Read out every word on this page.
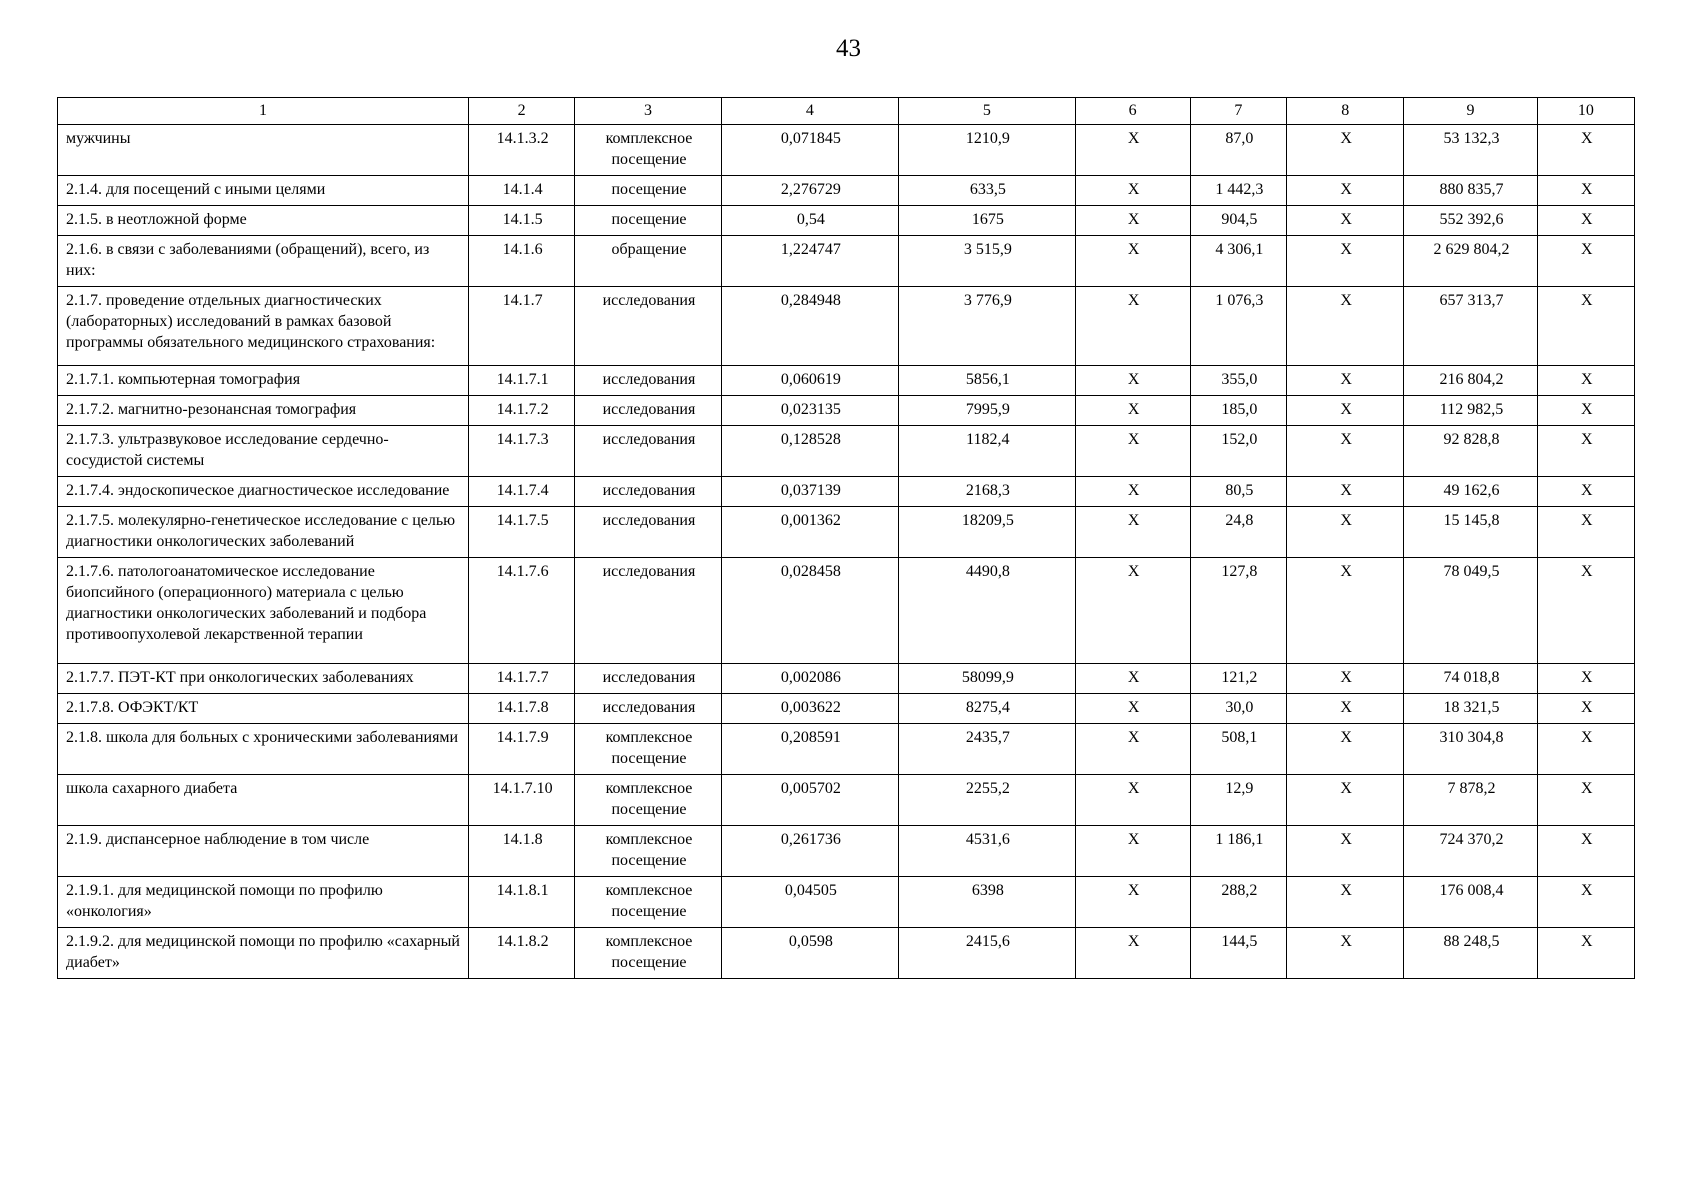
43
1	2	3	4	5	6	7	8	9	10
мужчины	14.1.3.2	комплексное посещение	0,071845	1210,9	Х	87,0	Х	53 132,3	Х
2.1.4. для посещений с иными целями	14.1.4	посещение	2,276729	633,5	Х	1 442,3	Х	880 835,7	Х
2.1.5. в неотложной форме	14.1.5	посещение	0,54	1675	Х	904,5	Х	552 392,6	Х
2.1.6. в связи с заболеваниями (обращений), всего, из них:	14.1.6	обращение	1,224747	3 515,9	Х	4 306,1	Х	2 629 804,2	Х
2.1.7. проведение отдельных диагностических (лабораторных) исследований в рамках базовой программы обязательного медицинского страхования:	14.1.7	исследования	0,284948	3 776,9	Х	1 076,3	Х	657 313,7	Х
2.1.7.1. компьютерная томография	14.1.7.1	исследования	0,060619	5856,1	Х	355,0	Х	216 804,2	Х
2.1.7.2. магнитно-резонансная томография	14.1.7.2	исследования	0,023135	7995,9	Х	185,0	Х	112 982,5	Х
2.1.7.3. ультразвуковое исследование сердечно-сосудистой системы	14.1.7.3	исследования	0,128528	1182,4	Х	152,0	Х	92 828,8	Х
2.1.7.4. эндоскопическое диагностическое исследование	14.1.7.4	исследования	0,037139	2168,3	Х	80,5	Х	49 162,6	Х
2.1.7.5. молекулярно-генетическое исследование с целью диагностики онкологических заболеваний	14.1.7.5	исследования	0,001362	18209,5	Х	24,8	Х	15 145,8	Х
2.1.7.6. патологоанатомическое исследование биопсийного (операционного) материала с целью диагностики онкологических заболеваний и подбора противоопухолевой лекарственной терапии	14.1.7.6	исследования	0,028458	4490,8	Х	127,8	Х	78 049,5	Х
2.1.7.7. ПЭТ-КТ при онкологических заболеваниях	14.1.7.7	исследования	0,002086	58099,9	Х	121,2	Х	74 018,8	Х
2.1.7.8. ОФЭКТ/КТ	14.1.7.8	исследования	0,003622	8275,4	Х	30,0	Х	18 321,5	Х
2.1.8. школа для больных с хроническими заболеваниями	14.1.7.9	комплексное посещение	0,208591	2435,7	Х	508,1	Х	310 304,8	Х
школа сахарного диабета	14.1.7.10	комплексное посещение	0,005702	2255,2	Х	12,9	Х	7 878,2	Х
2.1.9. диспансерное наблюдение в том числе	14.1.8	комплексное посещение	0,261736	4531,6	Х	1 186,1	Х	724 370,2	Х
2.1.9.1. для медицинской помощи по профилю «онкология»	14.1.8.1	комплексное посещение	0,04505	6398	Х	288,2	Х	176 008,4	Х
2.1.9.2. для медицинской помощи по профилю «сахарный диабет»	14.1.8.2	комплексное посещение	0,0598	2415,6	Х	144,5	Х	88 248,5	Х
